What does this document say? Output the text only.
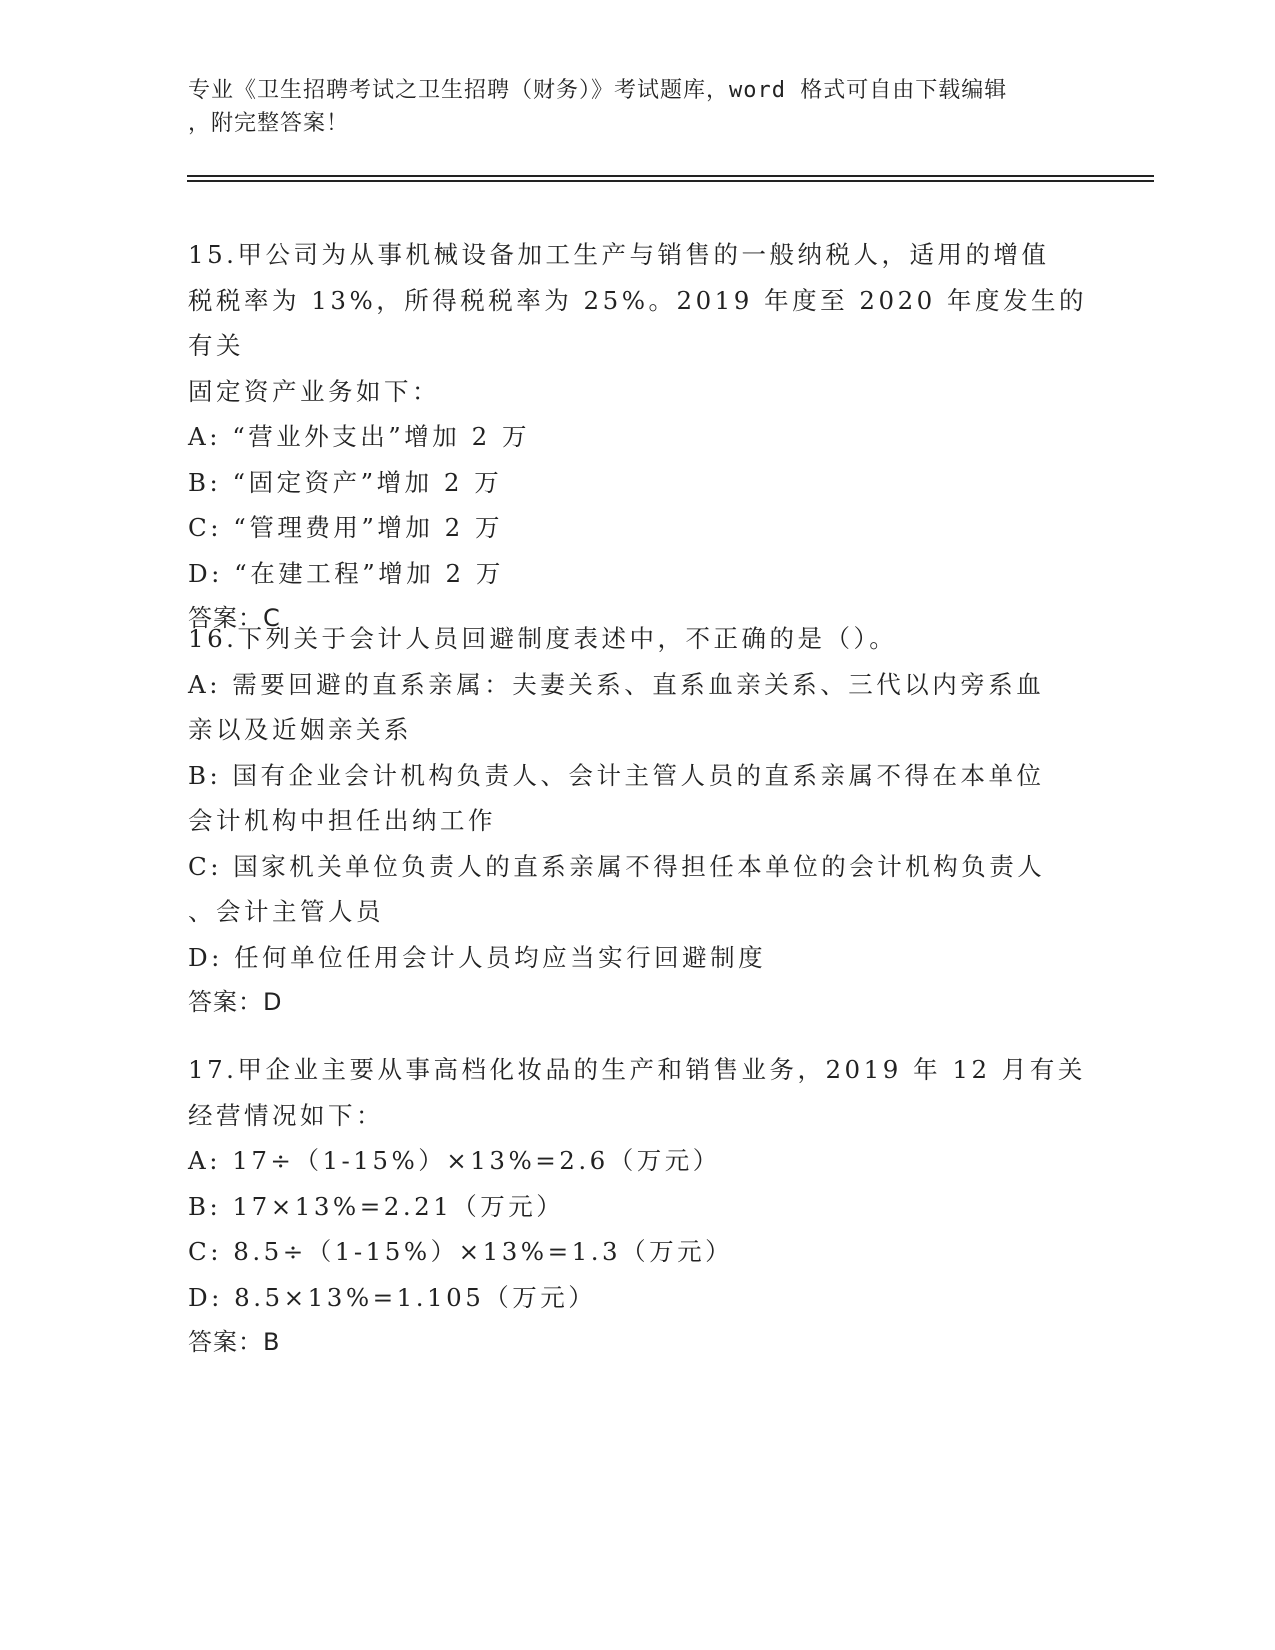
专业《卫生招聘考试之卫生招聘（财务）》考试题库，word 格式可自由下载编辑
，附完整答案！

15.甲公司为从事机械设备加工生产与销售的一般纳税人，适用的增值

税税率为 13%，所得税税率为 25%。2019 年度至 2020 年度发生的有关

固定资产业务如下：

A: “营业外支出”增加 2 万

B: “固定资产”增加 2 万

C: “管理费用”增加 2 万

D: “在建工程”增加 2 万

答案：C

16.下列关于会计人员回避制度表述中，不正确的是（）。

A: 需要回避的直系亲属：夫妻关系、直系血亲关系、三代以内旁系血

亲以及近姻亲关系

B: 国有企业会计机构负责人、会计主管人员的直系亲属不得在本单位

会计机构中担任出纳工作

C: 国家机关单位负责人的直系亲属不得担任本单位的会计机构负责人

、会计主管人员

D: 任何单位任用会计人员均应当实行回避制度

答案：D

17.甲企业主要从事高档化妆品的生产和销售业务，2019 年 12 月有关

经营情况如下：

A: 17÷（1-15%）×13%=2.6（万元）

B: 17×13%=2.21（万元）

C: 8.5÷（1-15%）×13%=1.3（万元）

D: 8.5×13%=1.105（万元）

答案：B
